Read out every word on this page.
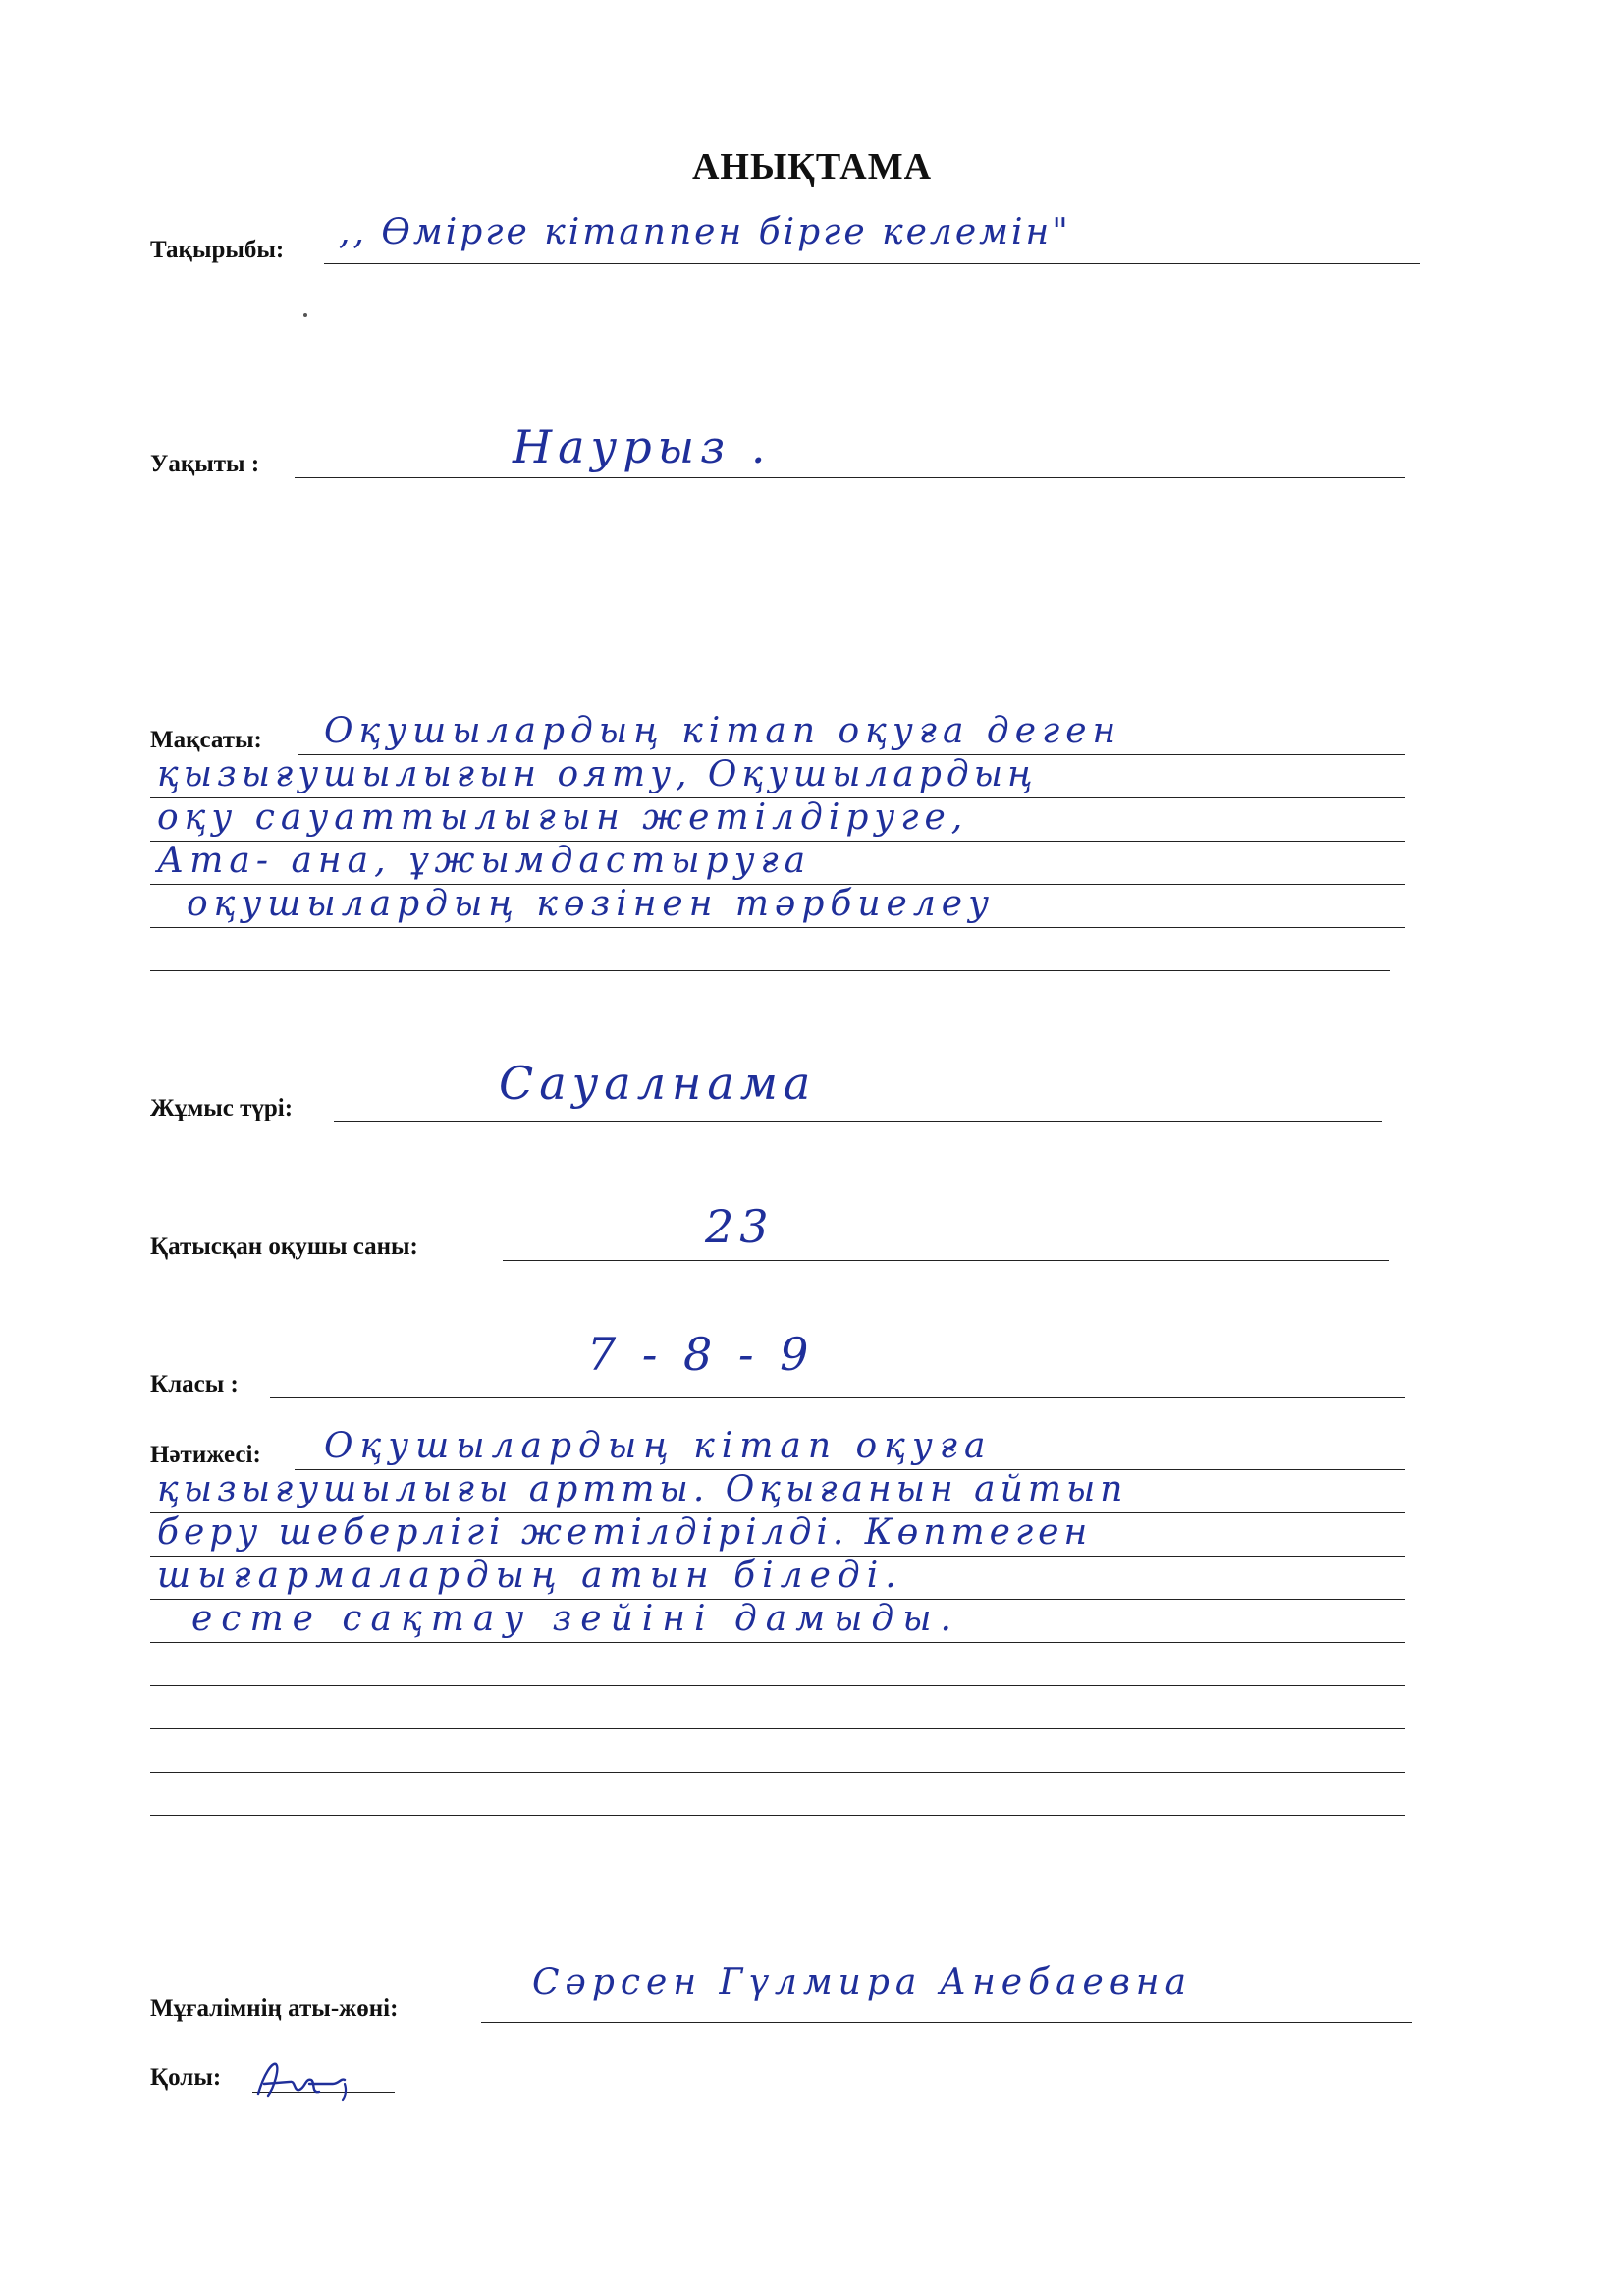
АНЫҚТАМА
Тақырыбы: ,, Өмірге кітаппен бірге келемін"
Уақыты :	Наурыз .
Мақсаты: Оқушылардың кітап оқуға деген
қызығушылығын ояту, Оқушылардың
оқу сауаттылығын жетілдіруге,
Ата- ана, ұжымдастыруға
оқушылардың көзінен тәрбиелеу
Жұмыс түрі:	Сауалнама
Қатысқан оқушы саны:	23
Класы :
7 - 8 - 9
Нәтижесі: Оқушылардың кітап оқуға
қызығушылығы артты. Оқығанын айтып
беру шеберлігі жетілдірілді. Көптеген
шығармалардың атын біледі.
есте сақтау зейіні дамыды.
Мұғалімнің аты-жөні:
Сәрсен Гүлмира Анебаевна
Қолы:
